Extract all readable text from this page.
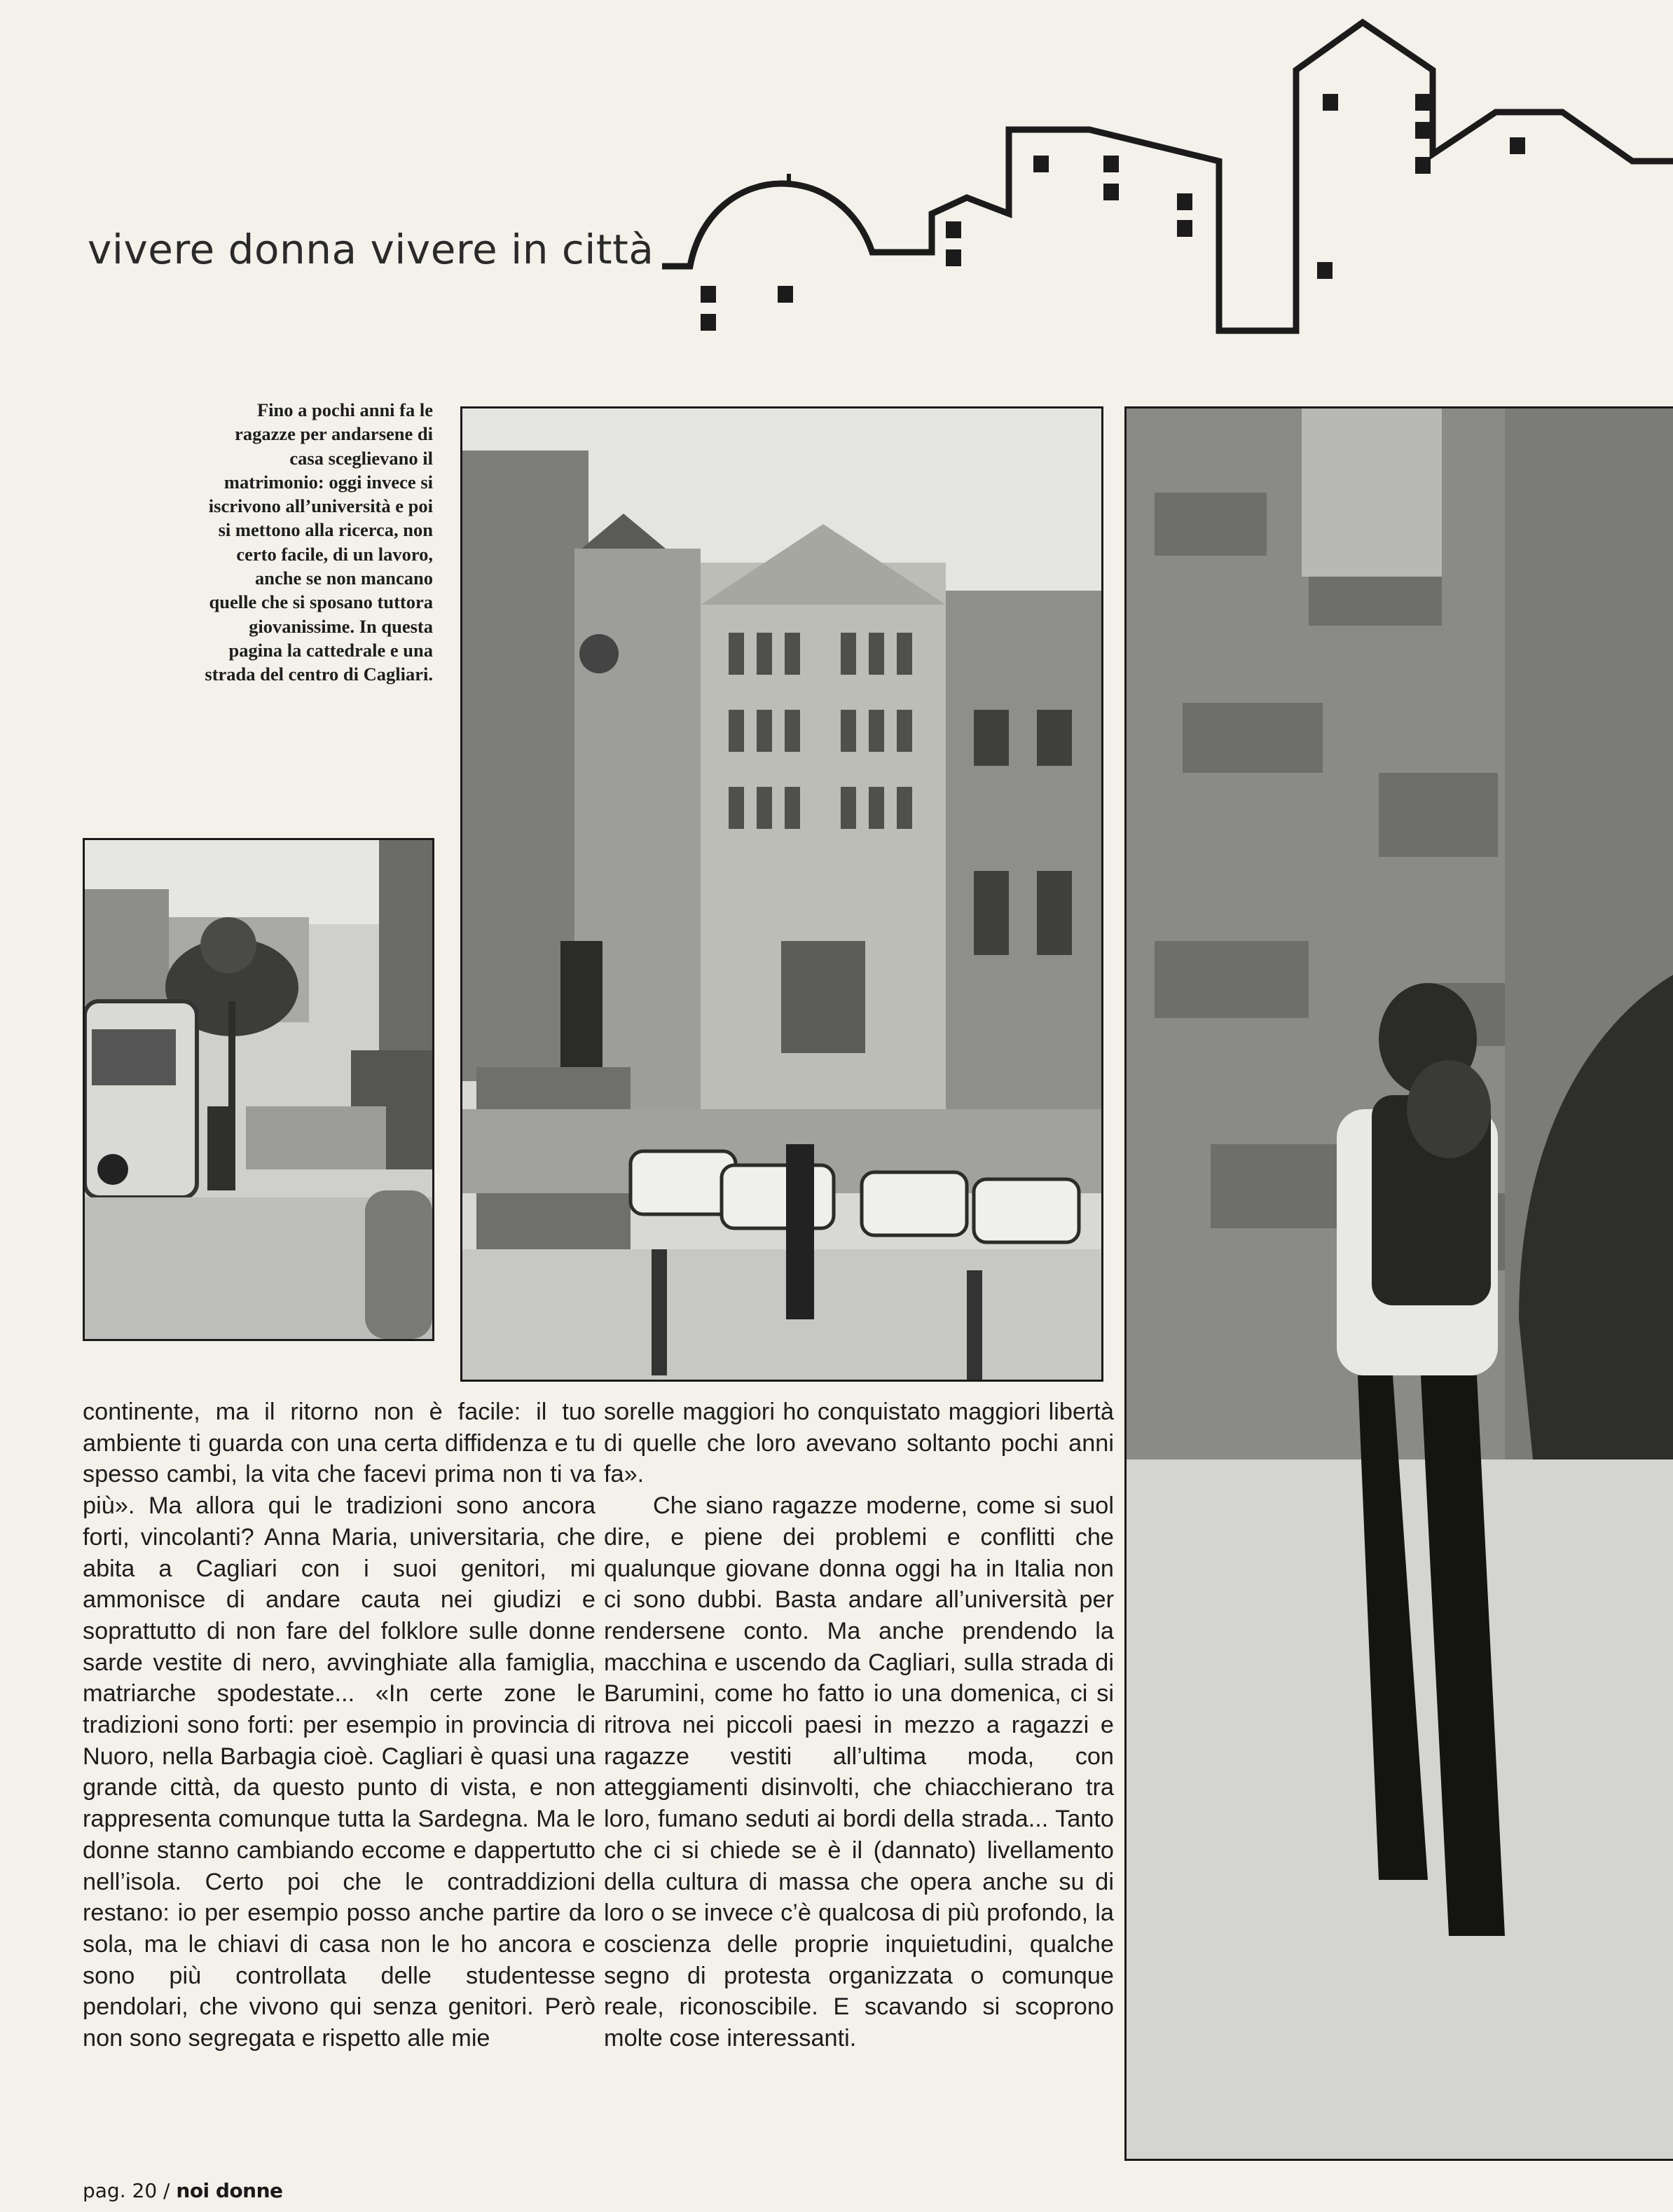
vivere donna vivere in città
Fino a pochi anni fa le ragazze per andarsene di casa sceglievano il matrimonio: oggi invece si iscrivono all’università e poi si mettono alla ricerca, non certo facile, di un lavoro, anche se non mancano quelle che si sposano tuttora giovanissime. In questa pagina la cattedrale e una strada del centro di Cagliari.

continente, ma il ritorno non è facile: il tuo ambiente ti guarda con una certa diffidenza e tu spesso cambi, la vita che facevi prima non ti va più». Ma allora qui le tradizioni sono ancora forti, vincolanti? Anna Maria, universitaria, che abita a Cagliari con i suoi genitori, mi ammonisce di andare cauta nei giudizi e soprattutto di non fare del folklore sulle donne sarde vestite di nero, avvinghiate alla famiglia, matriarche spodestate... «In certe zone le tradizioni sono forti: per esempio in provincia di Nuoro, nella Barbagia cioè. Cagliari è quasi una grande città, da questo punto di vista, e non rappresenta comunque tutta la Sardegna. Ma le donne stanno cambiando eccome e dappertutto nell’isola. Certo poi che le contraddizioni restano: io per esempio posso anche partire da sola, ma le chiavi di casa non le ho ancora e sono più controllata delle studentesse pendolari, che vivono qui senza genitori. Però non sono segregata e rispetto alle mie

sorelle maggiori ho conquistato maggiori libertà di quelle che loro avevano soltanto pochi anni fa».

Che siano ragazze moderne, come si suol dire, e piene dei problemi e conflitti che qualunque giovane donna oggi ha in Italia non ci sono dubbi. Basta andare all’università per rendersene conto. Ma anche prendendo la macchina e uscendo da Cagliari, sulla strada di Barumini, come ho fatto io una domenica, ci si ritrova nei piccoli paesi in mezzo a ragazzi e ragazze vestiti all’ultima moda, con atteggiamenti disinvolti, che chiacchierano tra loro, fumano seduti ai bordi della strada... Tanto che ci si chiede se è il (dannato) livellamento della cultura di massa che opera anche su di loro o se invece c’è qualcosa di più profondo, la coscienza delle proprie inquietudini, qualche segno di protesta organizzata o comunque reale, riconoscibile. E scavando si scoprono molte cose interessanti.

pag. 20 / noi donne
